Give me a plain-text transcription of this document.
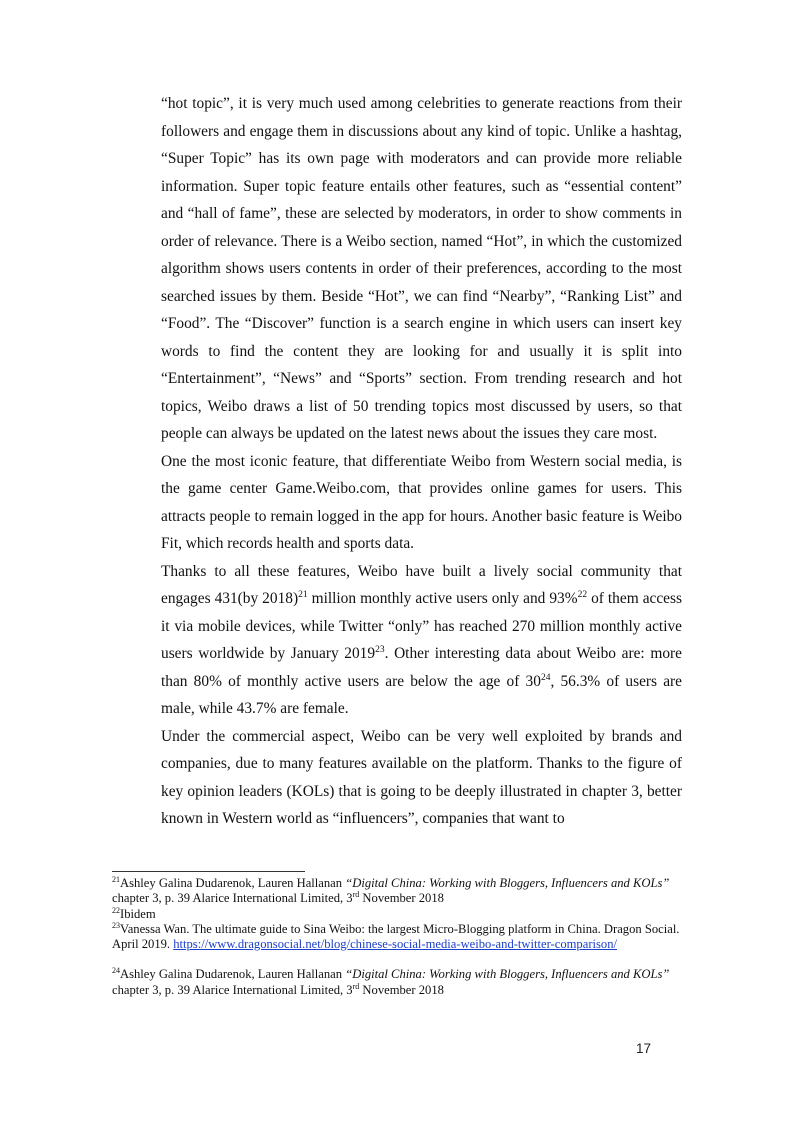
“hot topic”, it is very much used among celebrities to generate reactions from their followers and engage them in discussions about any kind of topic. Unlike a hashtag, “Super Topic” has its own page with moderators and can provide more reliable information. Super topic feature entails other features, such as “essential content” and “hall of fame”, these are selected by moderators, in order to show comments in order of relevance. There is a Weibo section, named “Hot”, in which the customized algorithm shows users contents in order of their preferences, according to the most searched issues by them. Beside “Hot”, we can find “Nearby”, “Ranking List” and “Food”. The “Discover” function is a search engine in which users can insert key words to find the content they are looking for and usually it is split into “Entertainment”, “News” and “Sports” section. From trending research and hot topics, Weibo draws a list of 50 trending topics most discussed by users, so that people can always be updated on the latest news about the issues they care most.

One the most iconic feature, that differentiate Weibo from Western social media, is the game center Game.Weibo.com, that provides online games for users. This attracts people to remain logged in the app for hours. Another basic feature is Weibo Fit, which records health and sports data.

Thanks to all these features, Weibo have built a lively social community that engages 431(by 2018)$^{21}$ million monthly active users only and 93%$^{22}$ of them access it via mobile devices, while Twitter “only” has reached 270 million monthly active users worldwide by January 2019$^{23}$. Other interesting data about Weibo are: more than 80% of monthly active users are below the age of $30^{24}$, 56.3% of users are male, while 43.7% are female.

Under the commercial aspect, Weibo can be very well exploited by brands and companies, due to many features available on the platform. Thanks to the figure of key opinion leaders (KOLs) that is going to be deeply illustrated in chapter 3, better known in Western world as “influencers”, companies that want to

$^{21}$Ashley Galina Dudarenok, Lauren Hallanan “Digital China: Working with Bloggers, Influencers and KOLs” chapter 3, p. 39 Alarice International Limited, 3rd November 2018

$^{22}$Ibidem

$^{23}$Vanessa Wan. The ultimate guide to Sina Weibo: the largest Micro-Blogging platform in China. Dragon Social. April 2019. https://www.dragonsocial.net/blog/chinese-social-media-weibo-and-twitter-comparison/

$^{24}$Ashley Galina Dudarenok, Lauren Hallanan “Digital China: Working with Bloggers, Influencers and KOLs” chapter 3, p. 39 Alarice International Limited, 3rd November 2018

17
